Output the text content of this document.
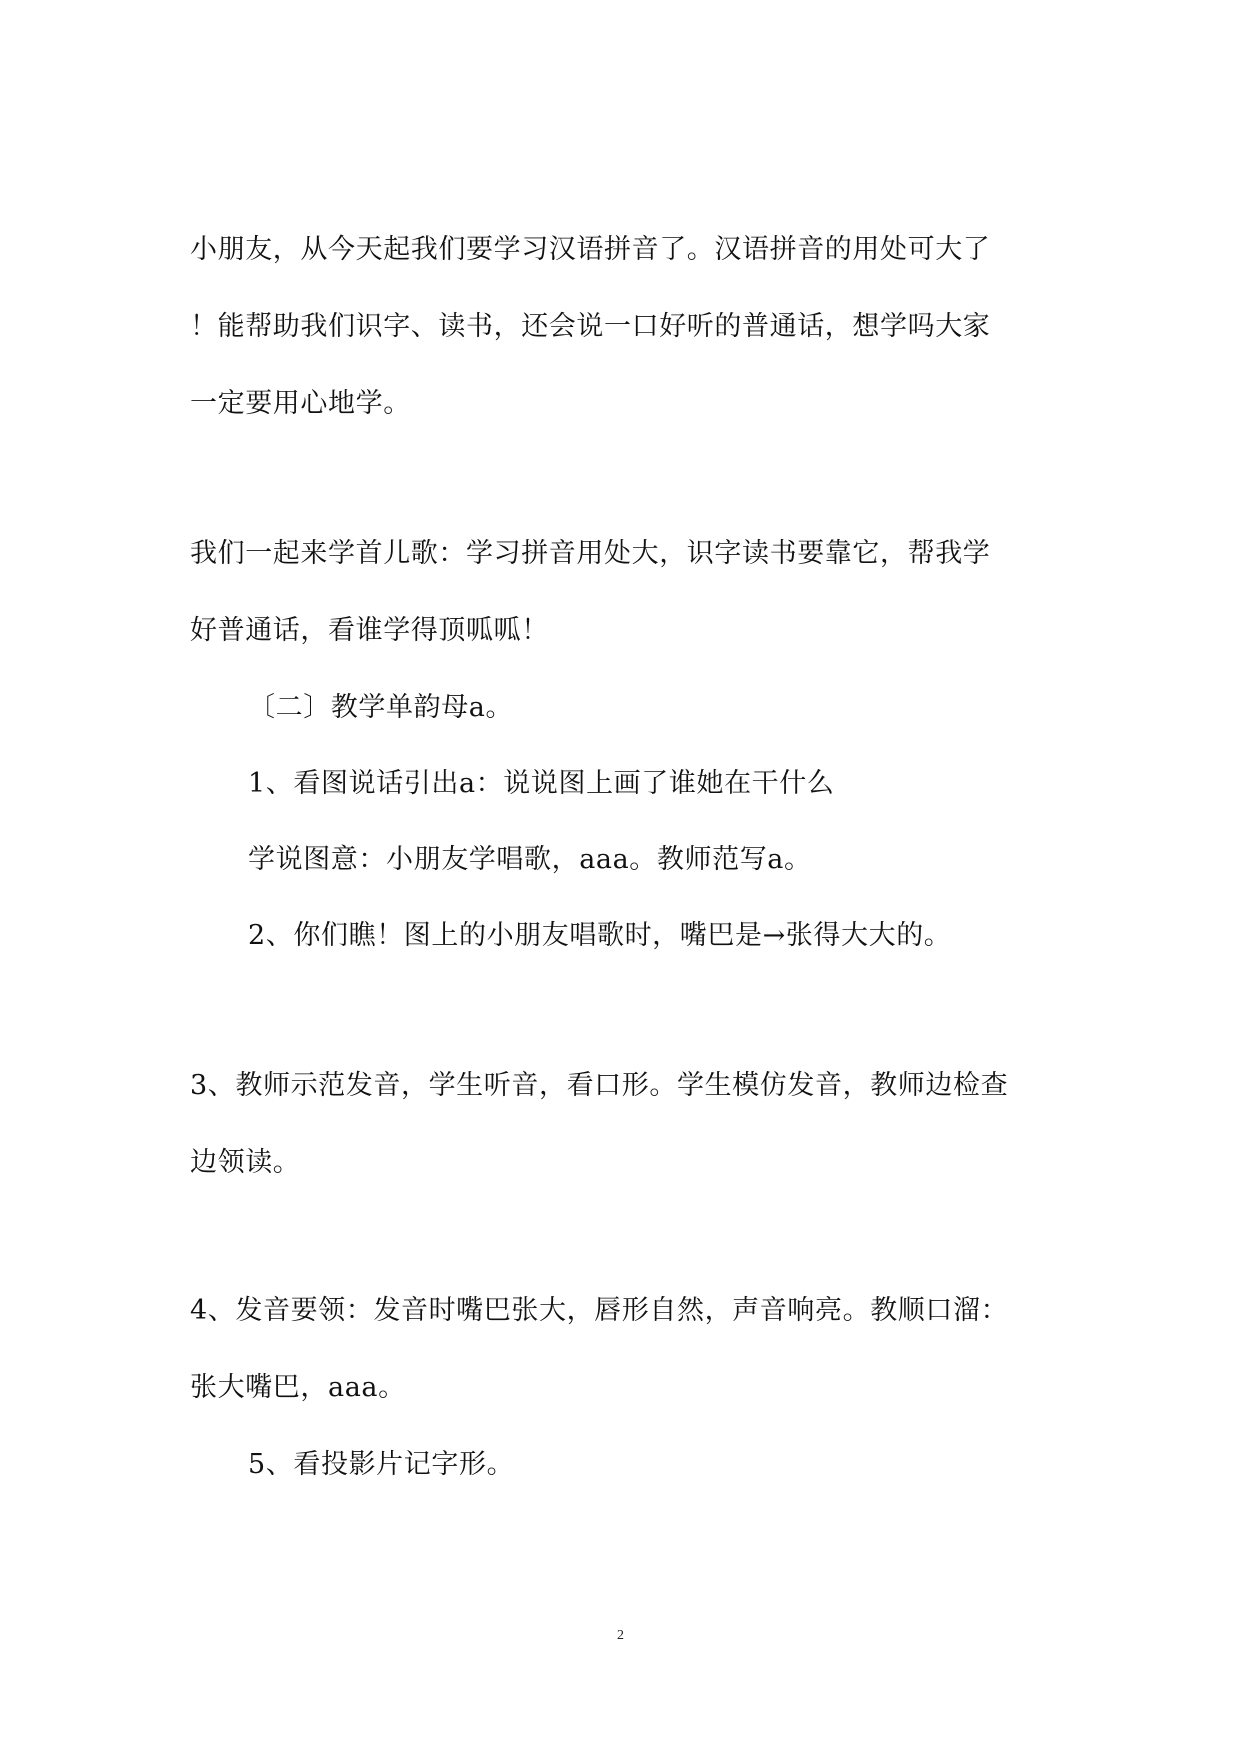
小朋友，从今天起我们要学习汉语拼音了。汉语拼音的用处可大了
！能帮助我们识字、读书，还会说一口好听的普通话，想学吗大家
一定要用心地学。
我们一起来学首儿歌：学习拼音用处大，识字读书要靠它，帮我学
好普通话，看谁学得顶呱呱！
〔二〕教学单韵母a。
1、看图说话引出a：说说图上画了谁她在干什么
学说图意：小朋友学唱歌，aaa。教师范写a。
2、你们瞧！图上的小朋友唱歌时，嘴巴是→张得大大的。
3、教师示范发音，学生听音，看口形。学生模仿发音，教师边检查
边领读。
4、发音要领：发音时嘴巴张大，唇形自然，声音响亮。教顺口溜：
张大嘴巴，aaa。
5、看投影片记字形。
2
